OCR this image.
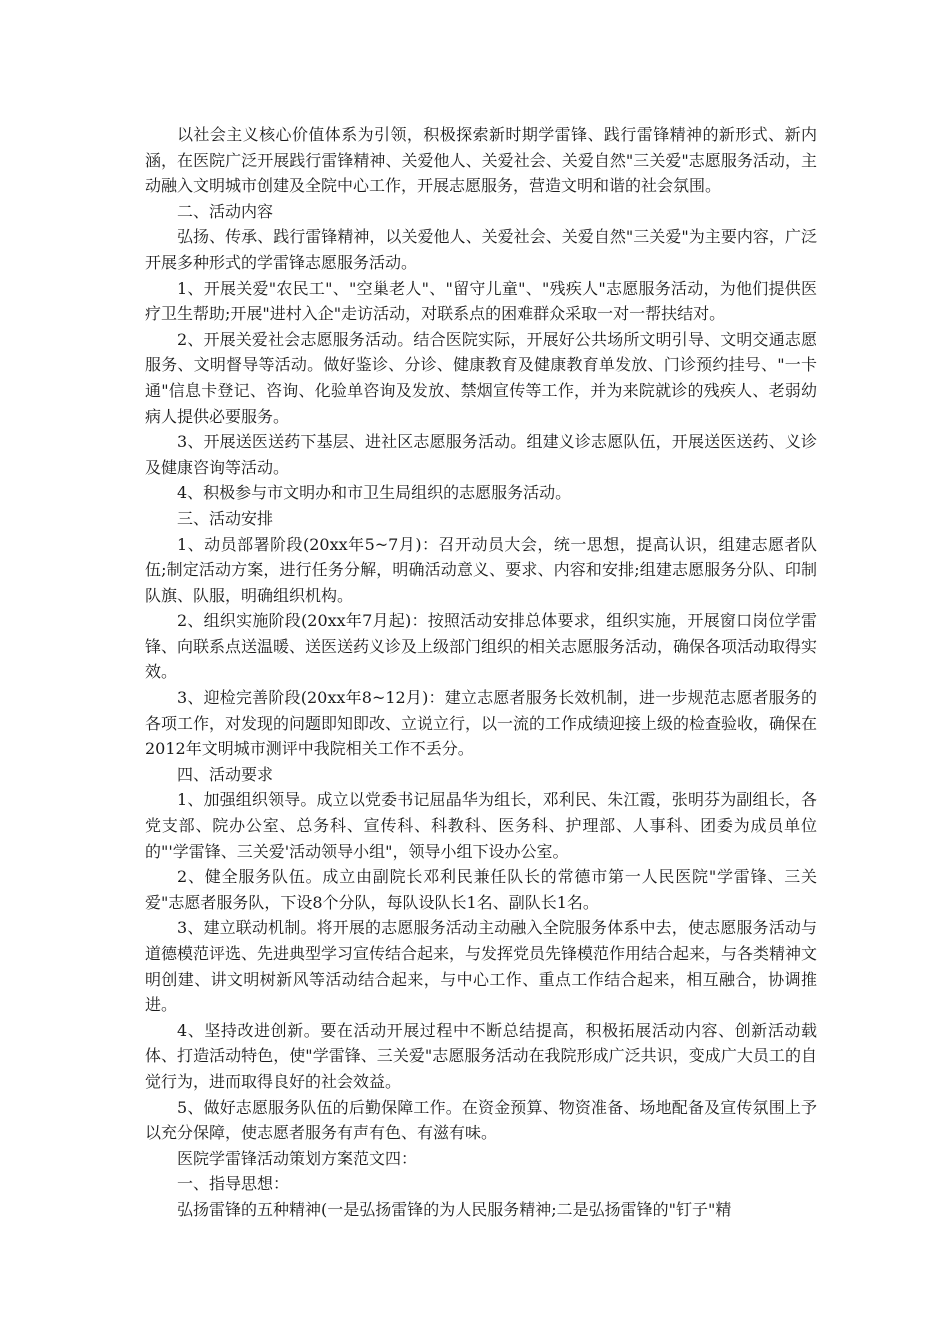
以社会主义核心价值体系为引领，积极探索新时期学雷锋、践行雷锋精神的新形式、新内涵，在医院广泛开展践行雷锋精神、关爱他人、关爱社会、关爱自然"三关爱"志愿服务活动，主动融入文明城市创建及全院中心工作，开展志愿服务，营造文明和谐的社会氛围。

二、活动内容

弘扬、传承、践行雷锋精神，以关爱他人、关爱社会、关爱自然"三关爱"为主要内容，广泛开展多种形式的学雷锋志愿服务活动。

1、开展关爱"农民工"、"空巢老人"、"留守儿童"、"残疾人"志愿服务活动，为他们提供医疗卫生帮助;开展"进村入企"走访活动，对联系点的困难群众采取一对一帮扶结对。

2、开展关爱社会志愿服务活动。结合医院实际，开展好公共场所文明引导、文明交通志愿服务、文明督导等活动。做好鉴诊、分诊、健康教育及健康教育单发放、门诊预约挂号、"一卡通"信息卡登记、咨询、化验单咨询及发放、禁烟宣传等工作，并为来院就诊的残疾人、老弱幼病人提供必要服务。

3、开展送医送药下基层、进社区志愿服务活动。组建义诊志愿队伍，开展送医送药、义诊及健康咨询等活动。

4、积极参与市文明办和市卫生局组织的志愿服务活动。

三、活动安排

1、动员部署阶段(20xx年5~7月)：召开动员大会，统一思想，提高认识，组建志愿者队伍;制定活动方案，进行任务分解，明确活动意义、要求、内容和安排;组建志愿服务分队、印制队旗、队服，明确组织机构。

2、组织实施阶段(20xx年7月起)：按照活动安排总体要求，组织实施，开展窗口岗位学雷锋、向联系点送温暖、送医送药义诊及上级部门组织的相关志愿服务活动，确保各项活动取得实效。

3、迎检完善阶段(20xx年8~12月)：建立志愿者服务长效机制，进一步规范志愿者服务的各项工作，对发现的问题即知即改、立说立行，以一流的工作成绩迎接上级的检查验收，确保在2012年文明城市测评中我院相关工作不丢分。

四、活动要求

1、加强组织领导。成立以党委书记屈晶华为组长，邓利民、朱江霞，张明芬为副组长，各党支部、院办公室、总务科、宣传科、科教科、医务科、护理部、人事科、团委为成员单位的"'学雷锋、三关爱'活动领导小组"，领导小组下设办公室。

2、健全服务队伍。成立由副院长邓利民兼任队长的常德市第一人民医院"学雷锋、三关爱"志愿者服务队，下设8个分队，每队设队长1名、副队长1名。

3、建立联动机制。将开展的志愿服务活动主动融入全院服务体系中去，使志愿服务活动与道德模范评选、先进典型学习宣传结合起来，与发挥党员先锋模范作用结合起来，与各类精神文明创建、讲文明树新风等活动结合起来，与中心工作、重点工作结合起来，相互融合，协调推进。

4、坚持改进创新。要在活动开展过程中不断总结提高，积极拓展活动内容、创新活动载体、打造活动特色，使"学雷锋、三关爱"志愿服务活动在我院形成广泛共识，变成广大员工的自觉行为，进而取得良好的社会效益。

5、做好志愿服务队伍的后勤保障工作。在资金预算、物资准备、场地配备及宣传氛围上予以充分保障，使志愿者服务有声有色、有滋有味。

医院学雷锋活动策划方案范文四：

一、指导思想：

弘扬雷锋的五种精神(一是弘扬雷锋的为人民服务精神;二是弘扬雷锋的"钉子"精
